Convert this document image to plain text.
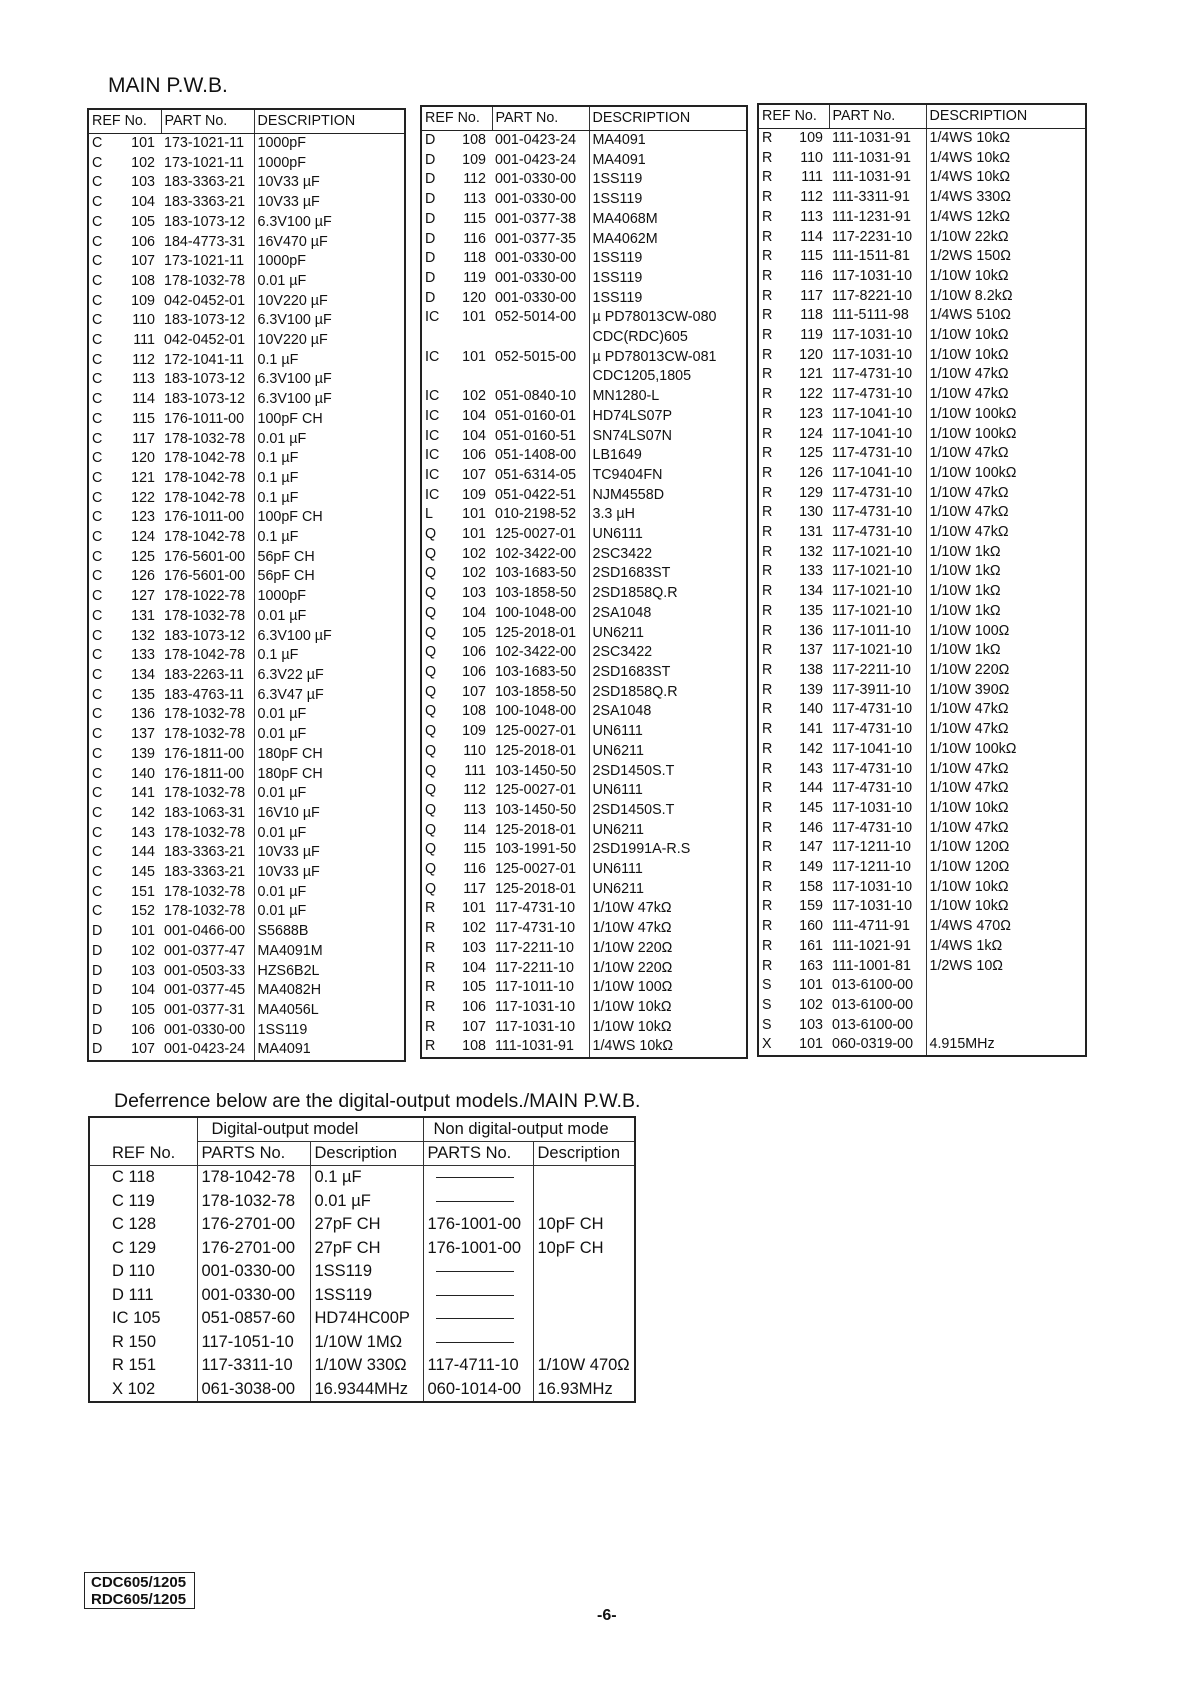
MAIN P.W.B.
REF No.	PART No.	DESCRIPTION
C 101	173-1021-11	1000pF
C 102	173-1021-11	1000pF
C 103	183-3363-21	10V33 µF
C 104	183-3363-21	10V33 µF
C 105	183-1073-12	6.3V100 µF
C 106	184-4773-31	16V470 µF
C 107	173-1021-11	1000pF
C 108	178-1032-78	0.01 µF
C 109	042-0452-01	10V220 µF
C 110	183-1073-12	6.3V100 µF
C 111	042-0452-01	10V220 µF
C 112	172-1041-11	0.1 µF
C 113	183-1073-12	6.3V100 µF
C 114	183-1073-12	6.3V100 µF
C 115	176-1011-00	100pF CH
C 117	178-1032-78	0.01 µF
C 120	178-1042-78	0.1 µF
C 121	178-1042-78	0.1 µF
C 122	178-1042-78	0.1 µF
C 123	176-1011-00	100pF CH
C 124	178-1042-78	0.1 µF
C 125	176-5601-00	56pF CH
C 126	176-5601-00	56pF CH
C 127	178-1022-78	1000pF
C 131	178-1032-78	0.01 µF
C 132	183-1073-12	6.3V100 µF
C 133	178-1042-78	0.1 µF
C 134	183-2263-11	6.3V22 µF
C 135	183-4763-11	6.3V47 µF
C 136	178-1032-78	0.01 µF
C 137	178-1032-78	0.01 µF
C 139	176-1811-00	180pF CH
C 140	176-1811-00	180pF CH
C 141	178-1032-78	0.01 µF
C 142	183-1063-31	16V10 µF
C 143	178-1032-78	0.01 µF
C 144	183-3363-21	10V33 µF
C 145	183-3363-21	10V33 µF
C 151	178-1032-78	0.01 µF
C 152	178-1032-78	0.01 µF
D 101	001-0466-00	S5688B
D 102	001-0377-47	MA4091M
D 103	001-0503-33	HZS6B2L
D 104	001-0377-45	MA4082H
D 105	001-0377-31	MA4056L
D 106	001-0330-00	1SS119
D 107	001-0423-24	MA4091
REF No.	PART No.	DESCRIPTION
D 108	001-0423-24	MA4091
D 109	001-0423-24	MA4091
D 112	001-0330-00	1SS119
D 113	001-0330-00	1SS119
D 115	001-0377-38	MA4068M
D 116	001-0377-35	MA4062M
D 118	001-0330-00	1SS119
D 119	001-0330-00	1SS119
D 120	001-0330-00	1SS119
IC 101	052-5014-00	µ PD78013CW-080

		CDC(RDC)605
IC 101	052-5015-00	µ PD78013CW-081

		CDC1205,1805
IC 102	051-0840-10	MN1280-L
IC 104	051-0160-01	HD74LS07P
IC 104	051-0160-51	SN74LS07N
IC 106	051-1408-00	LB1649
IC 107	051-6314-05	TC9404FN
IC 109	051-0422-51	NJM4558D
L 101	010-2198-52	3.3 µH
Q 101	125-0027-01	UN6111
Q 102	102-3422-00	2SC3422
Q 102	103-1683-50	2SD1683ST
Q 103	103-1858-50	2SD1858Q.R
Q 104	100-1048-00	2SA1048
Q 105	125-2018-01	UN6211
Q 106	102-3422-00	2SC3422
Q 106	103-1683-50	2SD1683ST
Q 107	103-1858-50	2SD1858Q.R
Q 108	100-1048-00	2SA1048
Q 109	125-0027-01	UN6111
Q 110	125-2018-01	UN6211
Q 111	103-1450-50	2SD1450S.T
Q 112	125-0027-01	UN6111
Q 113	103-1450-50	2SD1450S.T
Q 114	125-2018-01	UN6211
Q 115	103-1991-50	2SD1991A-R.S
Q 116	125-0027-01	UN6111
Q 117	125-2018-01	UN6211
R 101	117-4731-10	1/10W 47kΩ
R 102	117-4731-10	1/10W 47kΩ
R 103	117-2211-10	1/10W 220Ω
R 104	117-2211-10	1/10W 220Ω
R 105	117-1011-10	1/10W 100Ω
R 106	117-1031-10	1/10W 10kΩ
R 107	117-1031-10	1/10W 10kΩ
R 108	111-1031-91	1/4WS 10kΩ
REF No.	PART No.	DESCRIPTION
R 109	111-1031-91	1/4WS 10kΩ
R 110	111-1031-91	1/4WS 10kΩ
R 111	111-1031-91	1/4WS 10kΩ
R 112	111-3311-91	1/4WS 330Ω
R 113	111-1231-91	1/4WS 12kΩ
R 114	117-2231-10	1/10W 22kΩ
R 115	111-1511-81	1/2WS 150Ω
R 116	117-1031-10	1/10W 10kΩ
R 117	117-8221-10	1/10W 8.2kΩ
R 118	111-5111-98	1/4WS 510Ω
R 119	117-1031-10	1/10W 10kΩ
R 120	117-1031-10	1/10W 10kΩ
R 121	117-4731-10	1/10W 47kΩ
R 122	117-4731-10	1/10W 47kΩ
R 123	117-1041-10	1/10W 100kΩ
R 124	117-1041-10	1/10W 100kΩ
R 125	117-4731-10	1/10W 47kΩ
R 126	117-1041-10	1/10W 100kΩ
R 129	117-4731-10	1/10W 47kΩ
R 130	117-4731-10	1/10W 47kΩ
R 131	117-4731-10	1/10W 47kΩ
R 132	117-1021-10	1/10W 1kΩ
R 133	117-1021-10	1/10W 1kΩ
R 134	117-1021-10	1/10W 1kΩ
R 135	117-1021-10	1/10W 1kΩ
R 136	117-1011-10	1/10W 100Ω
R 137	117-1021-10	1/10W 1kΩ
R 138	117-2211-10	1/10W 220Ω
R 139	117-3911-10	1/10W 390Ω
R 140	117-4731-10	1/10W 47kΩ
R 141	117-4731-10	1/10W 47kΩ
R 142	117-1041-10	1/10W 100kΩ
R 143	117-4731-10	1/10W 47kΩ
R 144	117-4731-10	1/10W 47kΩ
R 145	117-1031-10	1/10W 10kΩ
R 146	117-4731-10	1/10W 47kΩ
R 147	117-1211-10	1/10W 120Ω
R 149	117-1211-10	1/10W 120Ω
R 158	117-1031-10	1/10W 10kΩ
R 159	117-1031-10	1/10W 10kΩ
R 160	111-4711-91	1/4WS 470Ω
R 161	111-1021-91	1/4WS 1kΩ
R 163	111-1001-81	1/2WS 10Ω
S 101	013-6100-00	
S 102	013-6100-00	
S 103	013-6100-00	
X 101	060-0319-00	4.915MHz
Deferrence below are the digital-output models./MAIN P.W.B.
	Digital-output model		Non digital-output mode	
REF No.	PARTS No.	Description	PARTS No.	Description
C 118	178-1042-78	0.1 µF		
C 119	178-1032-78	0.01 µF		
C 128	176-2701-00	27pF CH	176-1001-00	10pF CH
C 129	176-2701-00	27pF CH	176-1001-00	10pF CH
D 110	001-0330-00	1SS119		
D 111	001-0330-00	1SS119		
IC 105	051-0857-60	HD74HC00P		
R 150	117-1051-10	1/10W 1MΩ		
R 151	117-3311-10	1/10W 330Ω	117-4711-10	1/10W 470Ω
X 102	061-3038-00	16.9344MHz	060-1014-00	16.93MHz
CDC605/1205
RDC605/1205
-6-
